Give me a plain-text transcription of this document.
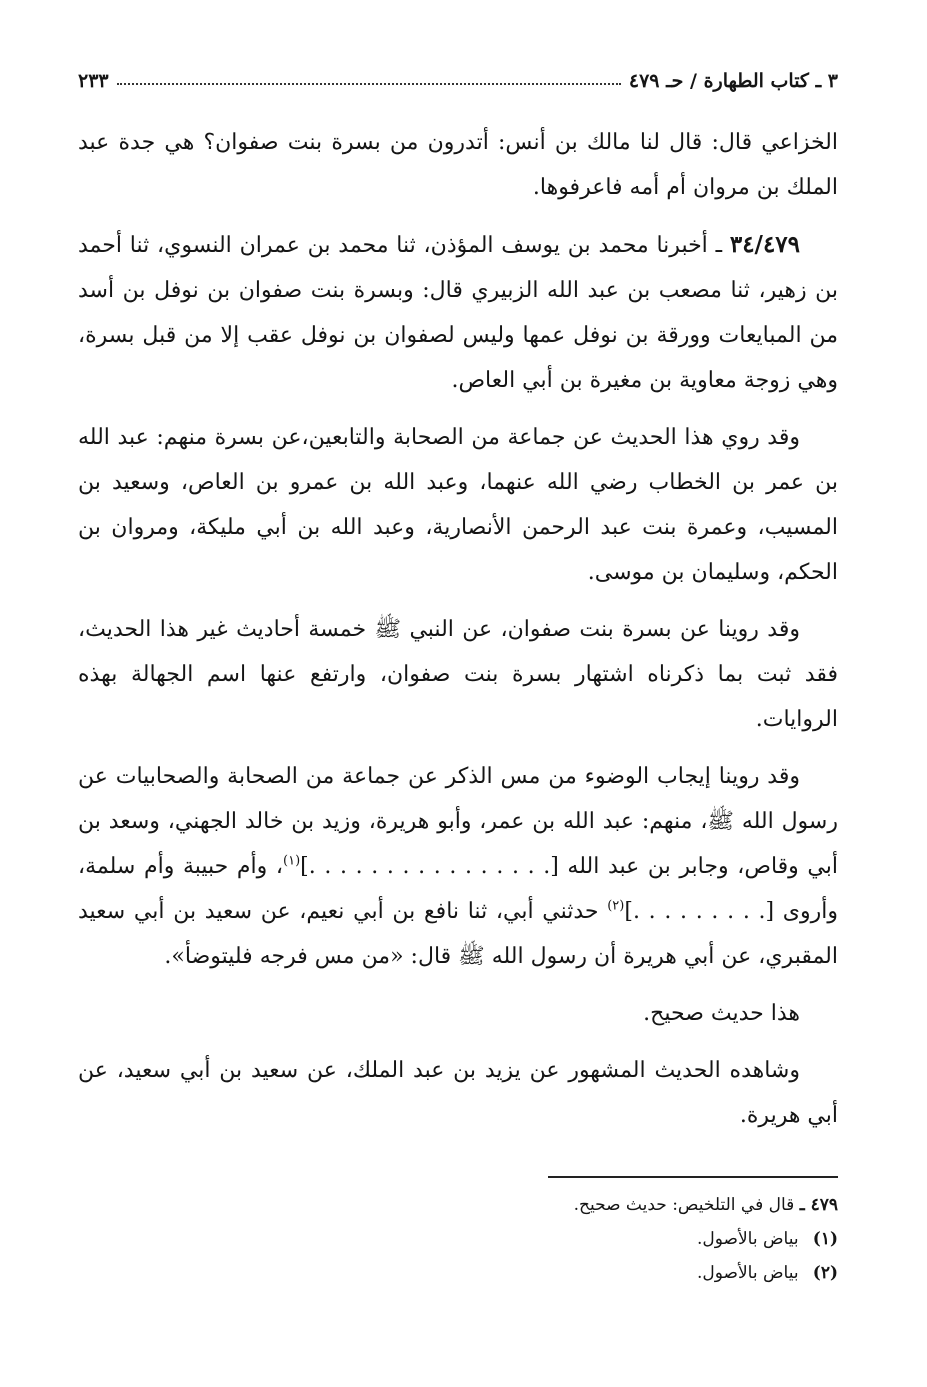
٣ ـ كتاب الطهارة / حـ ٤٧٩
٢٣٣

الخزاعي قال: قال لنا مالك بن أنس: أتدرون من بسرة بنت صفوان؟ هي جدة عبد الملك بن مروان أم أمه فاعرفوها.

٣٤/٤٧٩ ـ أخبرنا محمد بن يوسف المؤذن، ثنا محمد بن عمران النسوي، ثنا أحمد بن زهير، ثنا مصعب بن عبد الله الزبيري قال: وبسرة بنت صفوان بن نوفل بن أسد من المبايعات وورقة بن نوفل عمها وليس لصفوان بن نوفل عقب إلا من قبل بسرة، وهي زوجة معاوية بن مغيرة بن أبي العاص.

وقد روي هذا الحديث عن جماعة من الصحابة والتابعين،عن بسرة منهم: عبد الله بن عمر بن الخطاب رضي الله عنهما، وعبد الله بن عمرو بن العاص، وسعيد بن المسيب، وعمرة بنت عبد الرحمن الأنصارية، وعبد الله بن أبي مليكة، ومروان بن الحكم، وسليمان بن موسى.

وقد روينا عن بسرة بنت صفوان، عن النبي ﷺ خمسة أحاديث غير هذا الحديث، فقد ثبت بما ذكرناه اشتهار بسرة بنت صفوان، وارتفع عنها اسم الجهالة بهذه الروايات.

وقد روينا إيجاب الوضوء من مس الذكر عن جماعة من الصحابة والصحابيات عن رسول الله ﷺ، منهم: عبد الله بن عمر، وأبو هريرة، وزيد بن خالد الجهني، وسعد بن أبي وقاص، وجابر بن عبد الله [. . . . . . . . . . . . . . . .]$^{(١)}$، وأم حبيبة وأم سلمة، وأروى [. . . . . . . . .]$^{(٢)}$ حدثني أبي، ثنا نافع بن أبي نعيم، عن سعيد بن أبي سعيد المقبري، عن أبي هريرة أن رسول الله ﷺ قال: «من مس فرجه فليتوضأ».

هذا حديث صحيح.

وشاهده الحديث المشهور عن يزيد بن عبد الملك، عن سعيد بن أبي سعيد، عن أبي هريرة.

٤٧٩ ـ قال في التلخيص: حديث صحيح.
(١) بياض بالأصول.
(٢) بياض بالأصول.
